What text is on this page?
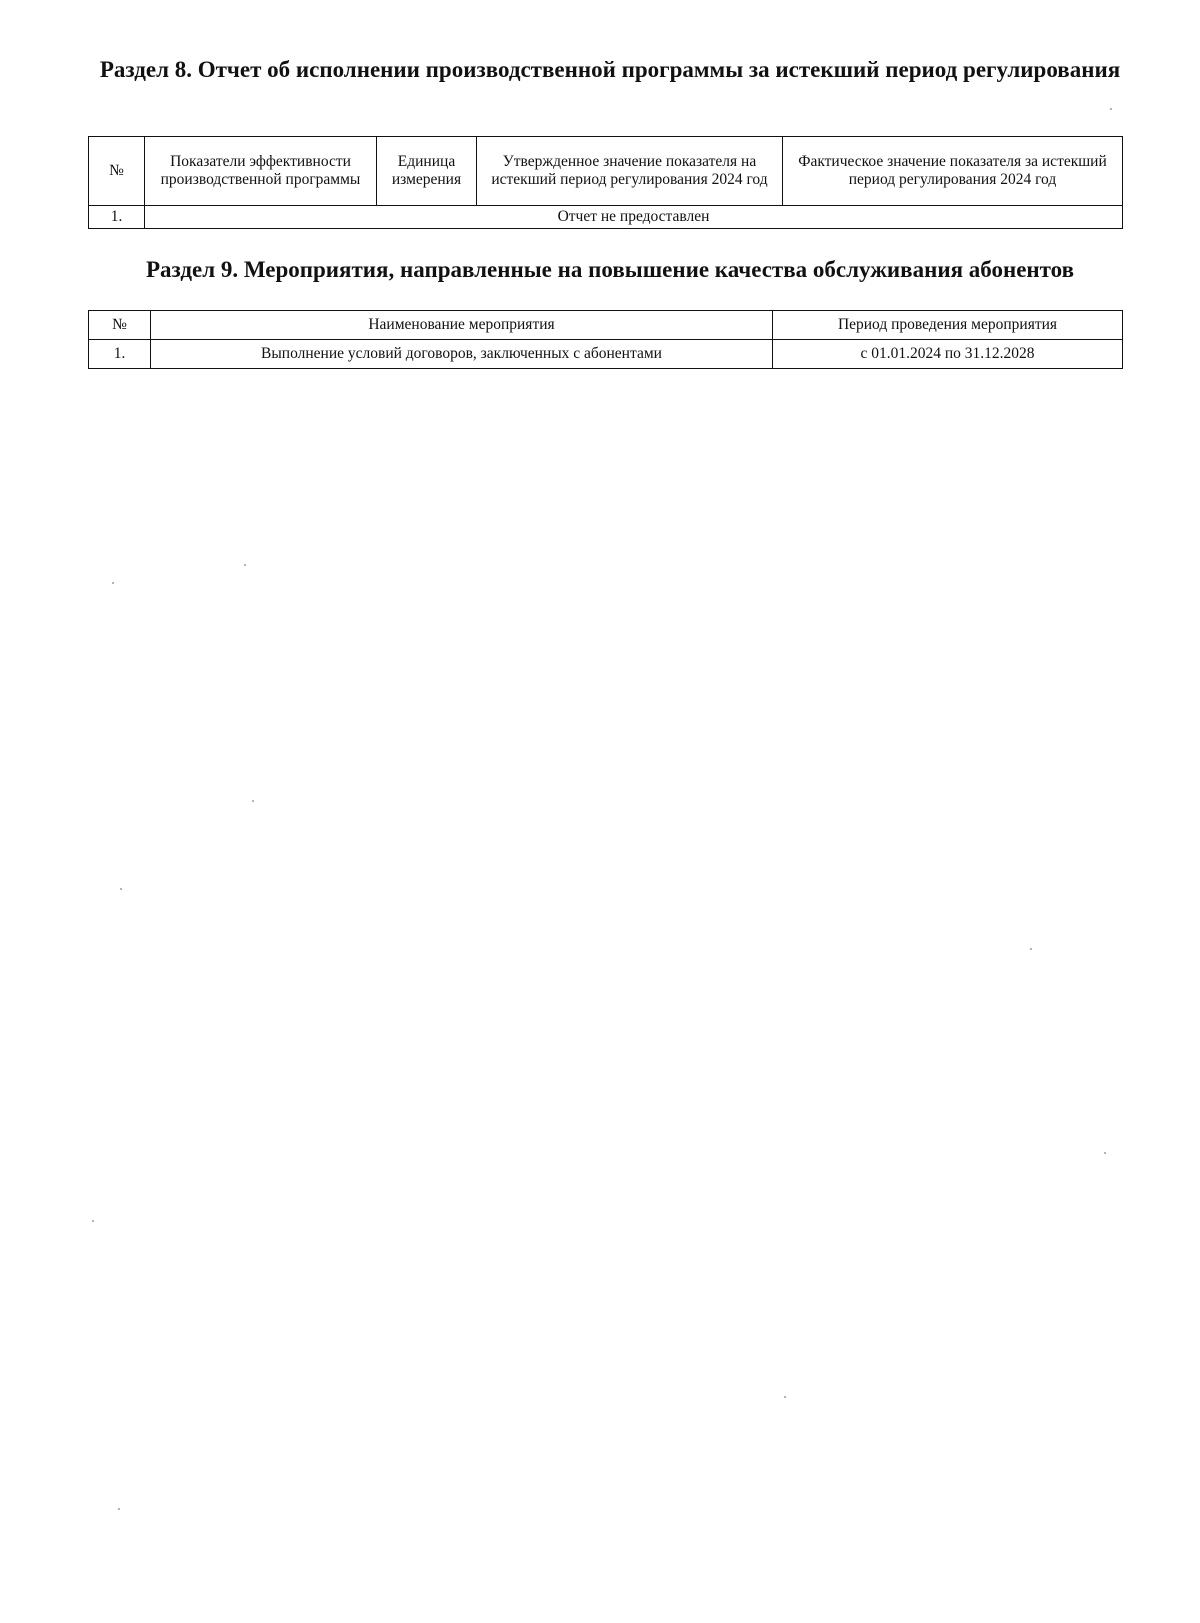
Раздел 8. Отчет об исполнении производственной программы за истекший период регулирования
№	Показатели эффективности производственной программы	Единица измерения	Утвержденное значение показателя на истекший период регулирования 2024 год	Фактическое значение показателя за истекший период регулирования 2024 год
1.	Отчет не предоставлен			
Раздел 9. Мероприятия, направленные на повышение качества обслуживания абонентов
№	Наименование мероприятия	Период проведения мероприятия
1.	Выполнение условий договоров, заключенных с абонентами	с 01.01.2024 по 31.12.2028
